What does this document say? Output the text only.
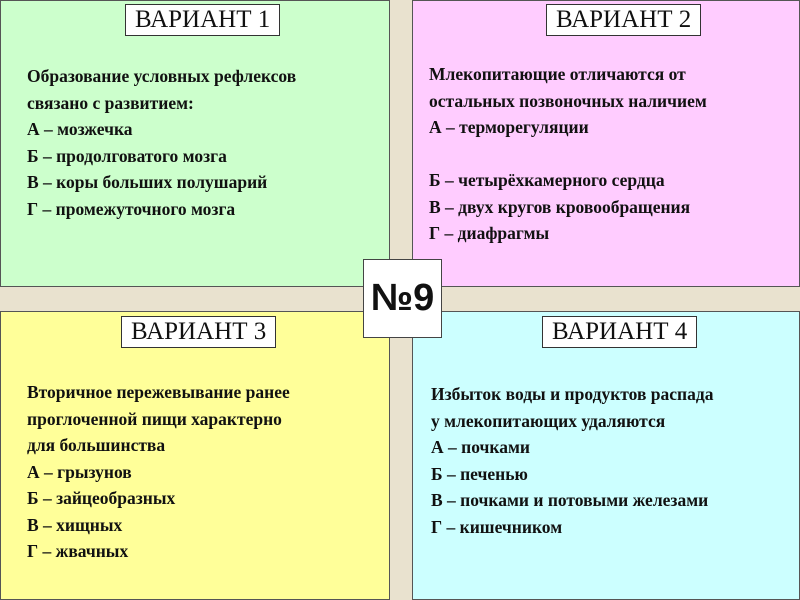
ВАРИАНТ 1
Образование условных рефлексов
связано с развитием:
А – мозжечка
Б – продолговатого мозга
В – коры больших полушарий
Г – промежуточного мозга
ВАРИАНТ 2
Млекопитающие отличаются от
остальных позвоночных наличием
А – терморегуляции
Б – четырёхкамерного сердца
В – двух кругов кровообращения
Г – диафрагмы
ВАРИАНТ 3
Вторичное пережевывание ранее
проглоченной пищи характерно
для большинства
А – грызунов
Б – зайцеобразных
В – хищных
Г – жвачных
ВАРИАНТ 4
Избыток воды и продуктов распада
у млекопитающих удаляются
А – почками
Б – печенью
В – почками и потовыми железами
Г – кишечником
№9
